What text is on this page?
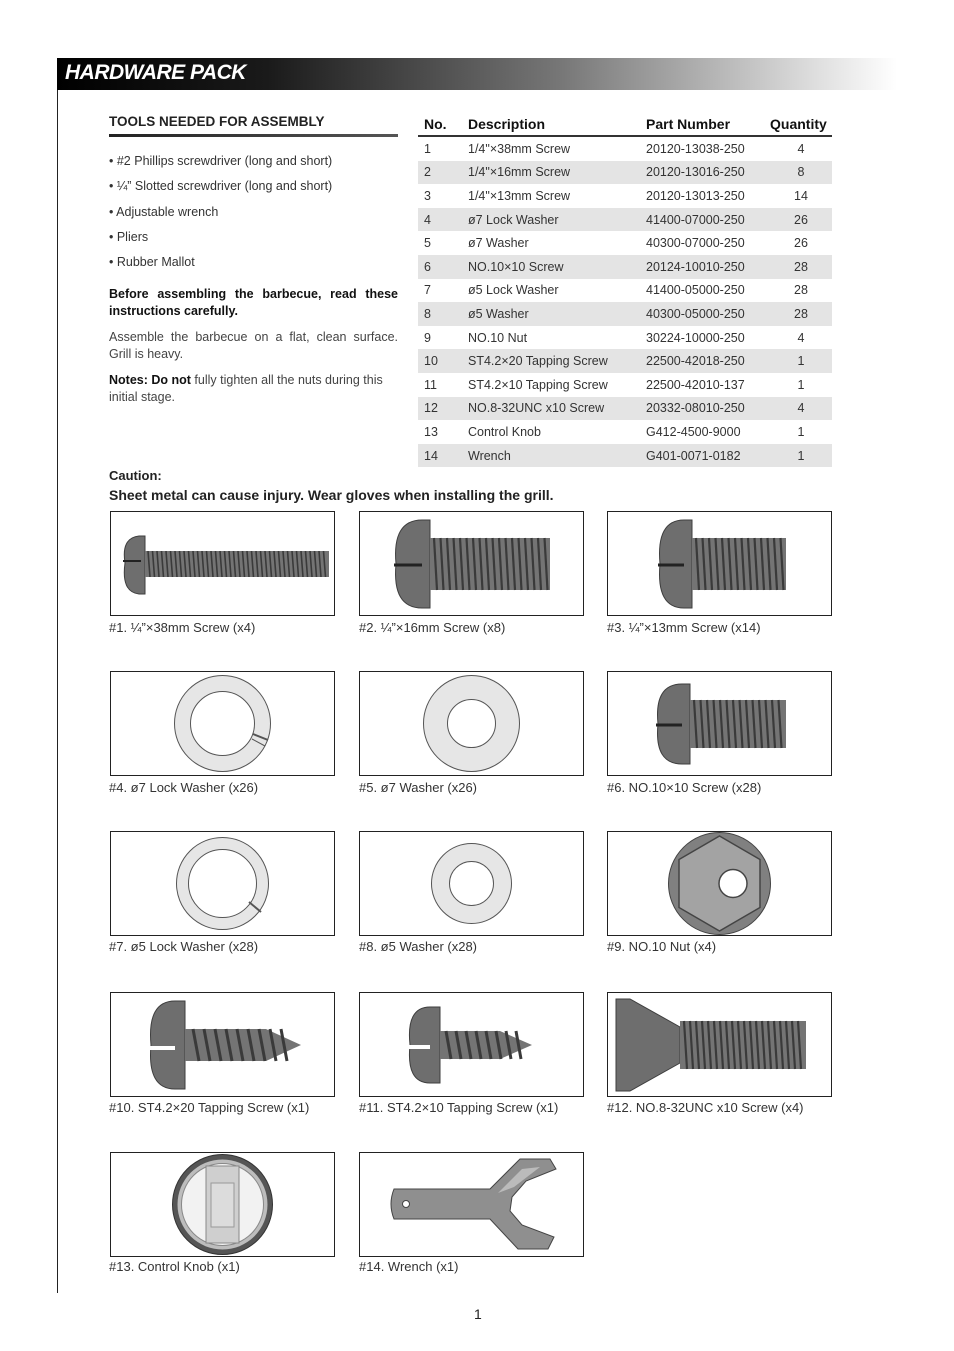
HARDWARE PACK
TOOLS NEEDED FOR ASSEMBLY
• #2 Phillips screwdriver (long and short)
• ¼” Slotted screwdriver (long and short)
• Adjustable wrench
• Pliers
• Rubber Mallot
Before assembling the barbecue, read these instructions carefully.
Assemble the barbecue on a flat, clean surface. Grill is heavy.
Notes: Do not fully tighten all the nuts during this initial stage.
No.	Description	Part Number	Quantity
1	1/4"×38mm Screw	20120-13038-250	4
2	1/4"×16mm Screw	20120-13016-250	8
3	1/4"×13mm Screw	20120-13013-250	14
4	ø7 Lock Washer	41400-07000-250	26
5	ø7 Washer	40300-07000-250	26
6	NO.10×10 Screw	20124-10010-250	28
7	ø5 Lock Washer	41400-05000-250	28
8	ø5 Washer	40300-05000-250	28
9	NO.10 Nut	30224-10000-250	4
10	ST4.2×20 Tapping Screw	22500-42018-250	1
11	ST4.2×10 Tapping Screw	22500-42010-137	1
12	NO.8-32UNC x10 Screw	20332-08010-250	4
13	Control Knob	G412-4500-9000	1
14	Wrench	G401-0071-0182	1
Caution:
Sheet metal can cause injury. Wear gloves when installing the grill.
#1. ¼”×38mm Screw (x4)	#2. ¼”×16mm Screw (x8)	#3. ¼”×13mm Screw (x14)
#4. ø7 Lock Washer (x26)	#5. ø7 Washer (x26)	#6. NO.10×10 Screw (x28)
#7. ø5 Lock Washer (x28)	#8. ø5 Washer (x28)	#9. NO.10 Nut (x4)
#10. ST4.2×20 Tapping Screw (x1)	#11. ST4.2×10 Tapping Screw (x1)	#12. NO.8-32UNC x10 Screw (x4)
#13. Control Knob (x1)	#14. Wrench (x1)
1
